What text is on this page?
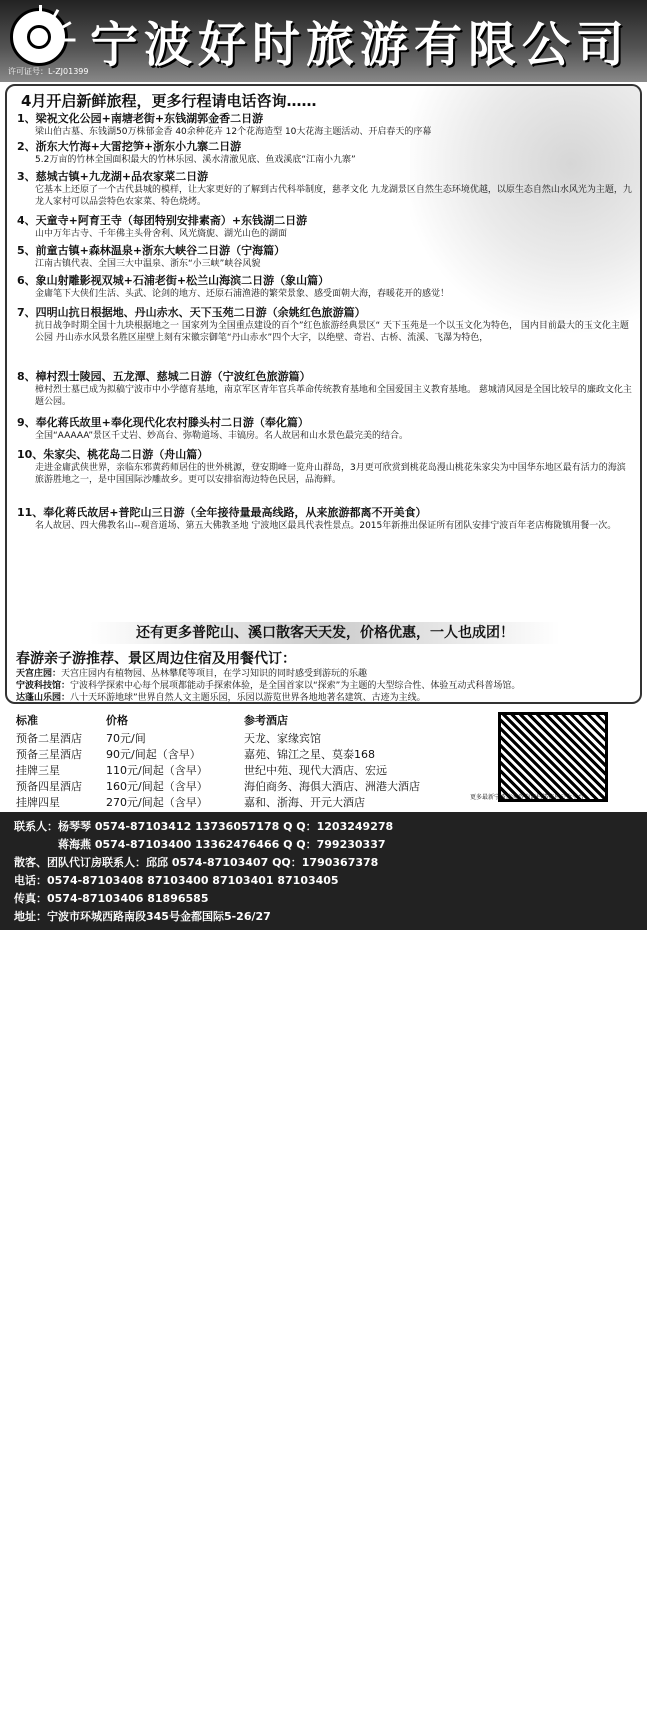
许可证号：L-ZJ01399 宁波好时旅游有限公司
4月开启新鲜旅程，更多行程请电话咨询……
1、梁祝文化公园+南塘老街+东钱湖郭金香二日游
梁山伯古墓、东钱湖50万株郁金香 40余种花卉 12个花海造型 10大花海主题活动、开启春天的序幕
2、浙东大竹海+大雷挖笋+浙东小九寨二日游
5.2万亩的竹林全国面积最大的竹林乐园、溪水清澈见底、鱼戏溪底“江南小九寨”
3、慈城古镇+九龙湖+品农家菜二日游
它基本上还原了一个古代县城的模样，让大家更好的了解到古代科举制度，慈孝文化 九龙湖景区自然生态环境优越，以原生态自然山水风光为主题，九龙人家村可以品尝特色农家菜、特色烧烤。
4、天童寺+阿育王寺（每团特别安排素斋）+东钱湖二日游
山中万年古寺、千年佛主头骨舍利、风光旖旎、湖光山色的湖面
5、前童古镇+森林温泉+浙东大峡谷二日游（宁海篇）
江南古镇代表、全国三大中温泉、浙东“小三峡”峡谷风貌
6、象山射雕影视双城+石浦老街+松兰山海滨二日游（象山篇）
金庸笔下大侠们生活、头武、论剑的地方、还原石浦渔港的繁荣景象、感受面朝大海，春暖花开的感觉！
7、四明山抗日根据地、丹山赤水、天下玉苑二日游（余姚红色旅游篇）
抗日战争时期全国十九块根据地之一 国家列为全国重点建设的百个”红色旅游经典景区“ 天下玉苑是一个以玉文化为特色， 国内目前最大的玉文化主题公园 丹山赤水风景名胜区崖壁上刻有宋徽宗御笔“丹山赤水”四个大字，以绝壁、奇岩、古桥、流溪、飞瀑为特色，
8、樟村烈士陵园、五龙潭、慈城二日游（宁波红色旅游篇）
樟村烈士墓已成为拟稿宁波市中小学德育基地，南京军区青年官兵革命传统教育基地和全国爱国主义教育基地。 慈城清风园是全国比较早的廉政文化主题公园。
9、奉化蒋氏故里+奉化现代化农村滕头村二日游（奉化篇）
全国“AAAAA”景区千丈岩、妙高台、弥勒道场、丰镐房。名人故居和山水景色最完美的结合。
10、朱家尖、桃花岛二日游（舟山篇）
走进金庸武侠世界，亲临东邪黄药师居住的世外桃源，登安期峰一览舟山群岛，3月更可欣赏到桃花岛漫山桃花朱家尖为中国华东地区最有活力的海滨旅游胜地之一，是中国国际沙雕故乡。更可以安排宿海边特色民居，品海鲜。
11、奉化蒋氏故居+普陀山三日游（全年接待量最高线路，从来旅游都离不开美食）
名人故居、四大佛教名山--观音道场、第五大佛教圣地 宁波地区最具代表性景点。2015年新推出保证所有团队安排宁波百年老店梅陇镇用餐一次。
还有更多普陀山、溪口散客天天发，价格优惠，一人也成团！
春游亲子游推荐、景区周边住宿及用餐代订：
天宫庄园：天宫庄园内有植物园、丛林攀爬等项目，在学习知识的同时感受到游玩的乐趣
宁波科技馆：宁波科学探索中心每个展项都能动手探索体验，是全国首家以“探索”为主题的大型综合性、体验互动式科普场馆。
达蓬山乐园：八十天环游地球”世界自然人文主题乐园，乐园以游览世界各地地著名建筑、古迹为主线。
标准	价格	参考酒店
预备二星酒店 70元/间	天龙、家缘宾馆
预备三星酒店 90元/间起（含早）	嘉苑、锦江之星、莫泰168
挂牌三星	110元/间起（含早）	世纪中苑、现代大酒店、宏远
预备四星酒店 160元/间起（含早）	海伯商务、海俱大酒店、洲港大酒店
挂牌四星	270元/间起（含早）	嘉和、浙海、开元大酒店	更多最新宁波旅游咨询请扫描信息公众平台
联系人：杨琴琴 0574-87103412 13736057178 Q Q：1203249278
蒋海燕 0574-87103400 13362476466 Q Q：799230337
散客、团队代订房联系人：邱邱 0574-87103407 QQ：1790367378
电话：0574-87103408 87103400 87103401 87103405
传真：0574-87103406 81896585
地址：宁波市环城西路南段345号金都国际5-26/27
尽心尽力的服务 无所不在的关怀 用我们百分百的努力 换取您十分的满意
